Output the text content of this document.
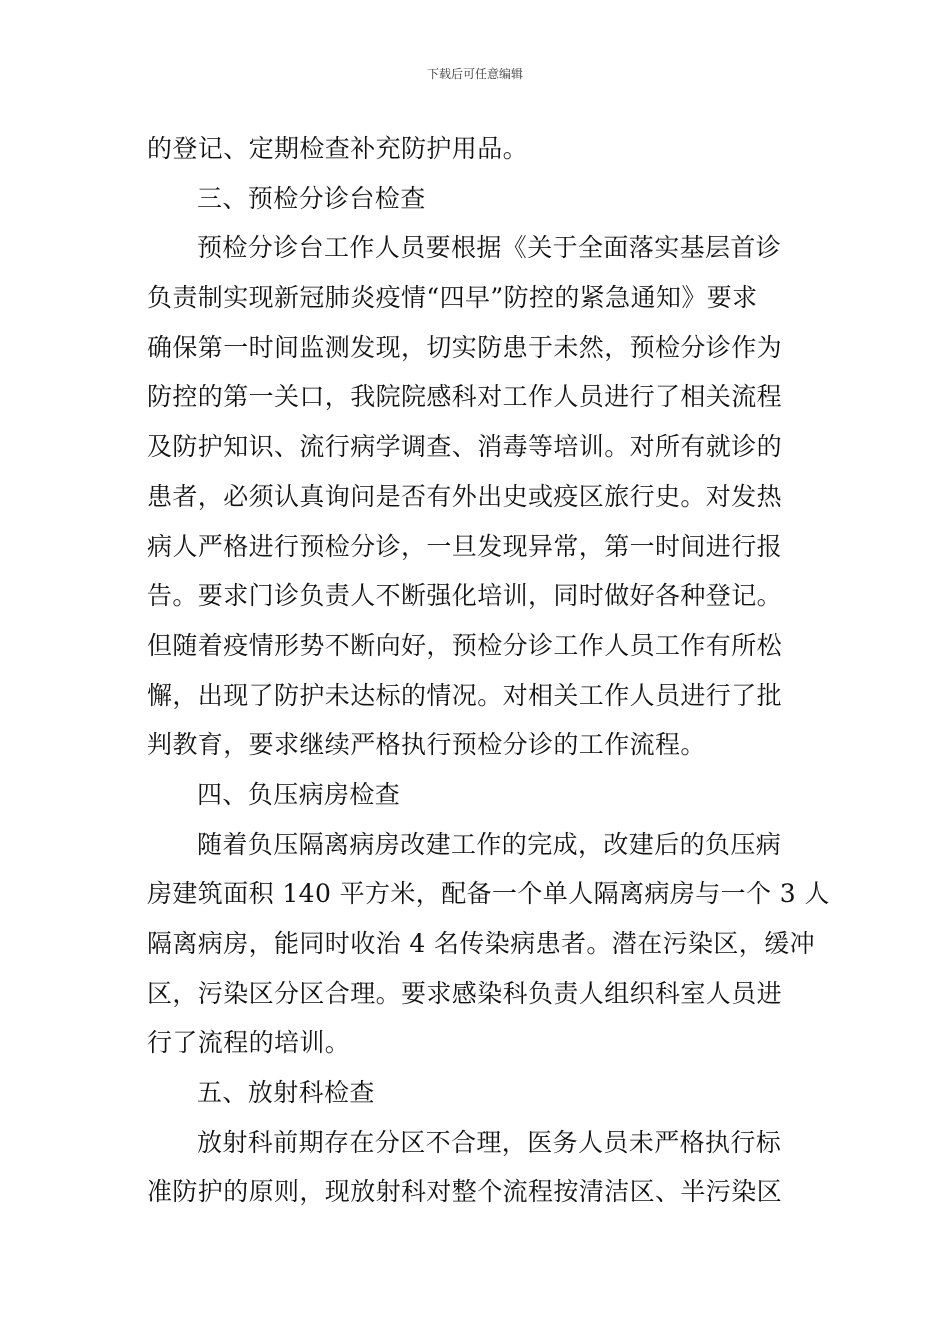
下载后可任意编辑
的登记、定期检查补充防护用品。
三、预检分诊台检查
预检分诊台工作人员要根据《关于全面落实基层首诊
负责制实现新冠肺炎疫情“四早”防控的紧急通知》要求
确保第一时间监测发现，切实防患于未然，预检分诊作为
防控的第一关口，我院院感科对工作人员进行了相关流程
及防护知识、流行病学调查、消毒等培训。对所有就诊的
患者，必须认真询问是否有外出史或疫区旅行史。对发热
病人严格进行预检分诊，一旦发现异常，第一时间进行报
告。要求门诊负责人不断强化培训，同时做好各种登记。
但随着疫情形势不断向好，预检分诊工作人员工作有所松
懈，出现了防护未达标的情况。对相关工作人员进行了批
判教育，要求继续严格执行预检分诊的工作流程。
四、负压病房检查
随着负压隔离病房改建工作的完成，改建后的负压病
房建筑面积 140 平方米，配备一个单人隔离病房与一个 3 人
隔离病房，能同时收治 4 名传染病患者。潜在污染区，缓冲
区，污染区分区合理。要求感染科负责人组织科室人员进
行了流程的培训。
五、放射科检查
放射科前期存在分区不合理，医务人员未严格执行标
准防护的原则，现放射科对整个流程按清洁区、半污染区
